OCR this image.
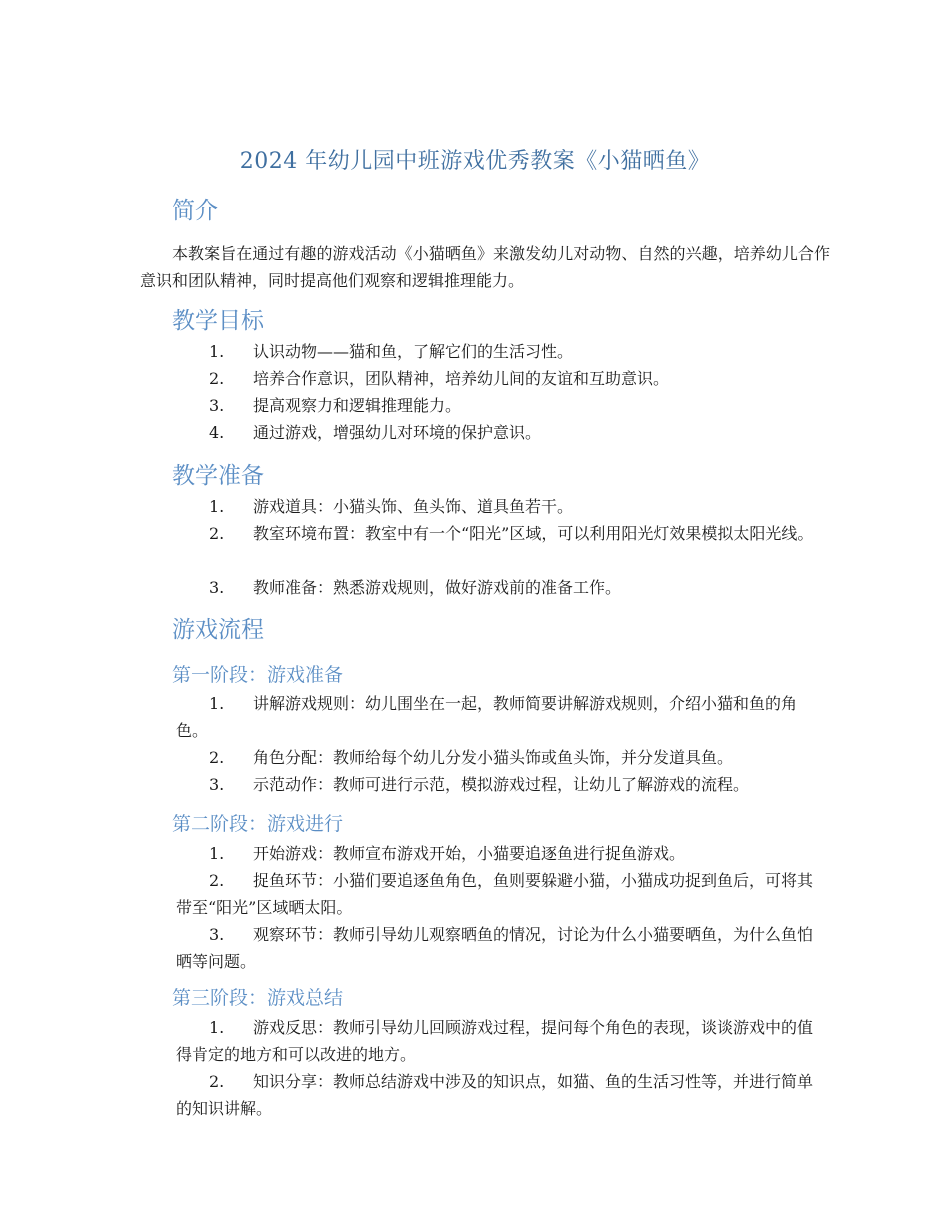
2024 年幼儿园中班游戏优秀教案《小猫晒鱼》
简介
本教案旨在通过有趣的游戏活动《小猫晒鱼》来激发幼儿对动物、自然的兴趣，培养幼儿合作意识和团队精神，同时提高他们观察和逻辑推理能力。
教学目标
1.	认识动物——猫和鱼，了解它们的生活习性。
2.	培养合作意识，团队精神，培养幼儿间的友谊和互助意识。
3.	提高观察力和逻辑推理能力。
4.	通过游戏，增强幼儿对环境的保护意识。
教学准备
1.	游戏道具：小猫头饰、鱼头饰、道具鱼若干。
2.	教室环境布置：教室中有一个“阳光”区域，可以利用阳光灯效果模拟太阳光线。
3.	教师准备：熟悉游戏规则，做好游戏前的准备工作。
游戏流程
第一阶段：游戏准备
1.	讲解游戏规则：幼儿围坐在一起，教师简要讲解游戏规则，介绍小猫和鱼的角色。
2.	角色分配：教师给每个幼儿分发小猫头饰或鱼头饰，并分发道具鱼。
3.	示范动作：教师可进行示范，模拟游戏过程，让幼儿了解游戏的流程。
第二阶段：游戏进行
1.	开始游戏：教师宣布游戏开始，小猫要追逐鱼进行捉鱼游戏。
2.	捉鱼环节：小猫们要追逐鱼角色，鱼则要躲避小猫，小猫成功捉到鱼后，可将其带至“阳光”区域晒太阳。
3.	观察环节：教师引导幼儿观察晒鱼的情况，讨论为什么小猫要晒鱼，为什么鱼怕晒等问题。
第三阶段：游戏总结
1.	游戏反思：教师引导幼儿回顾游戏过程，提问每个角色的表现，谈谈游戏中的值得肯定的地方和可以改进的地方。
2.	知识分享：教师总结游戏中涉及的知识点，如猫、鱼的生活习性等，并进行简单的知识讲解。
